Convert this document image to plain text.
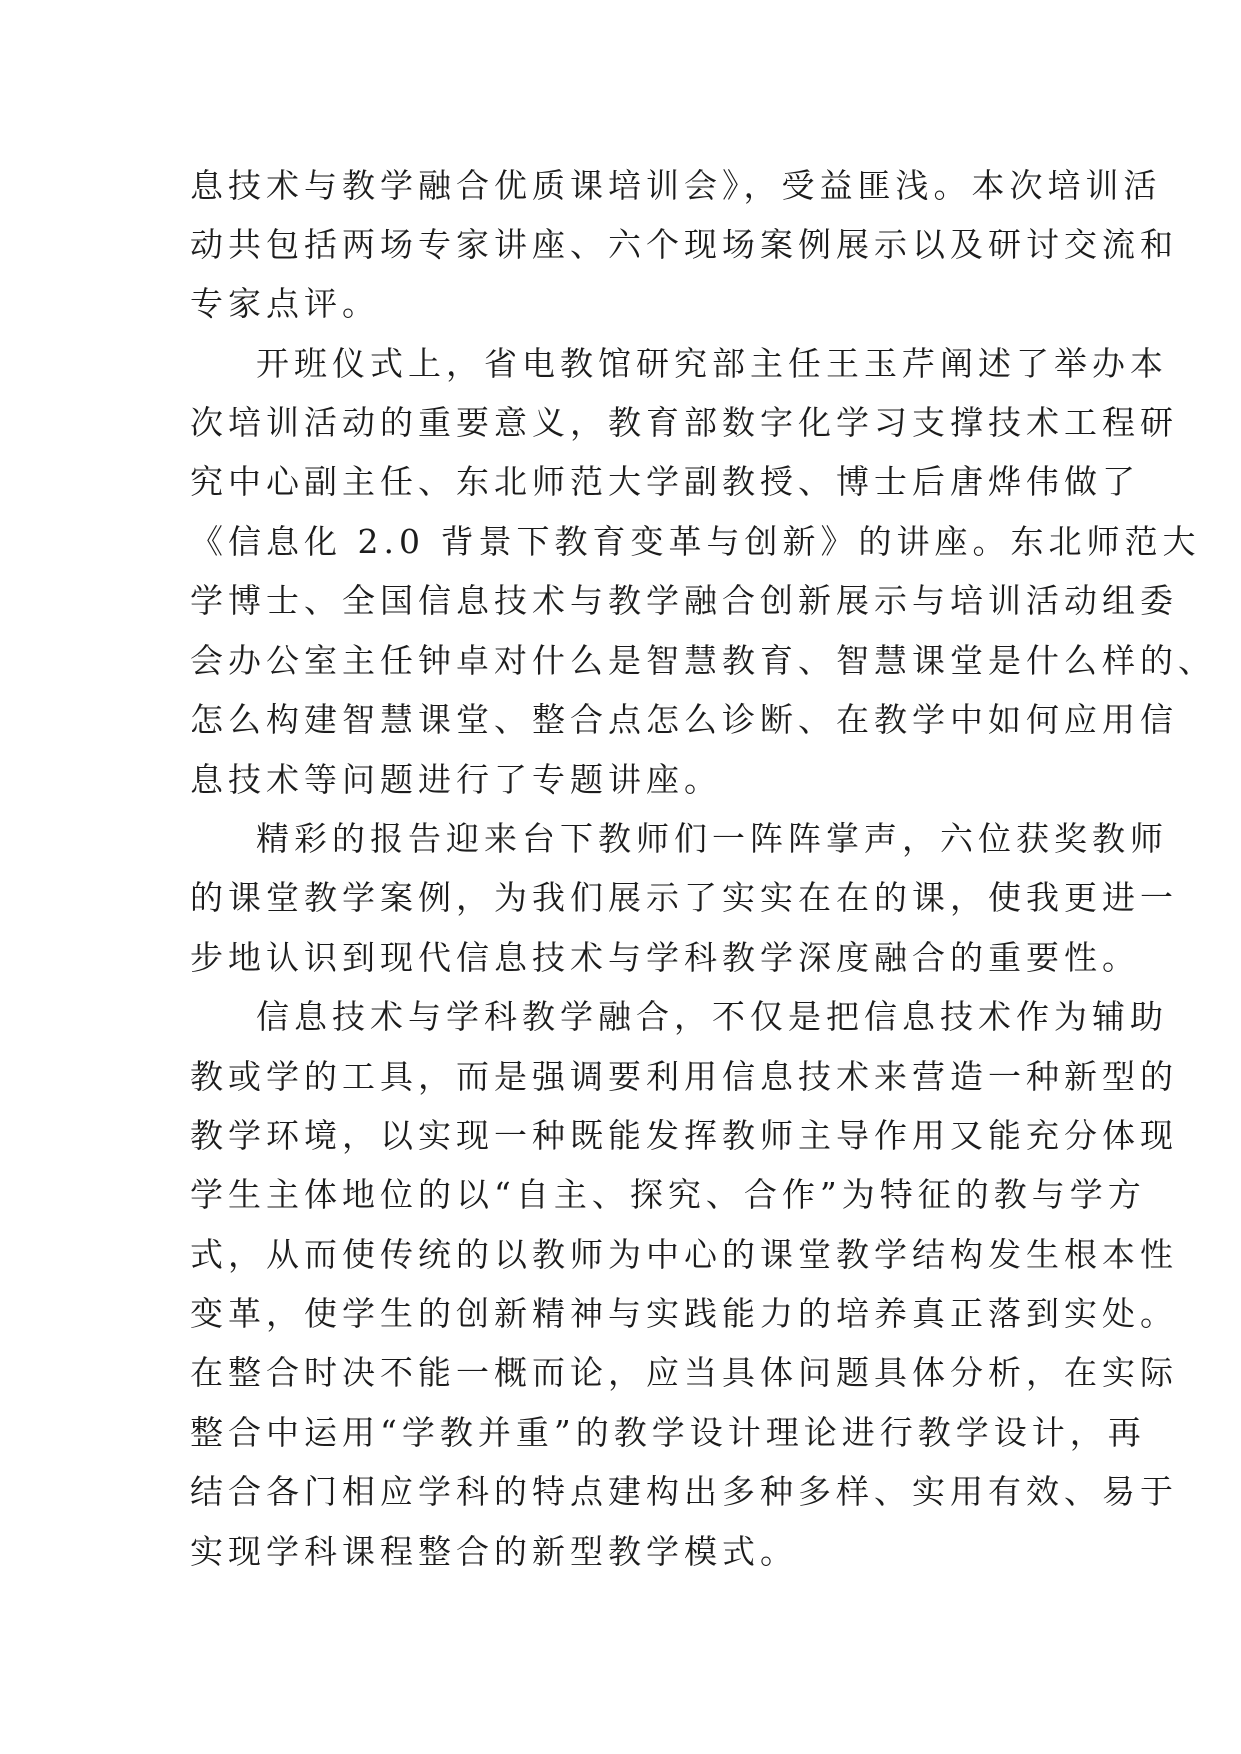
息技术与教学融合优质课培训会》，受益匪浅。本次培训活
动共包括两场专家讲座、六个现场案例展示以及研讨交流和
专家点评。
开班仪式上，省电教馆研究部主任王玉芹阐述了举办本
次培训活动的重要意义，教育部数字化学习支撑技术工程研
究中心副主任、东北师范大学副教授、博士后唐烨伟做了
《信息化 2.0 背景下教育变革与创新》的讲座。东北师范大
学博士、全国信息技术与教学融合创新展示与培训活动组委
会办公室主任钟卓对什么是智慧教育、智慧课堂是什么样的、
怎么构建智慧课堂、整合点怎么诊断、在教学中如何应用信
息技术等问题进行了专题讲座。
精彩的报告迎来台下教师们一阵阵掌声，六位获奖教师
的课堂教学案例，为我们展示了实实在在的课，使我更进一
步地认识到现代信息技术与学科教学深度融合的重要性。
信息技术与学科教学融合，不仅是把信息技术作为辅助
教或学的工具，而是强调要利用信息技术来营造一种新型的
教学环境，以实现一种既能发挥教师主导作用又能充分体现
学生主体地位的以“自主、探究、合作”为特征的教与学方
式，从而使传统的以教师为中心的课堂教学结构发生根本性
变革，使学生的创新精神与实践能力的培养真正落到实处。
在整合时决不能一概而论，应当具体问题具体分析，在实际
整合中运用“学教并重”的教学设计理论进行教学设计，再
结合各门相应学科的特点建构出多种多样、实用有效、易于
实现学科课程整合的新型教学模式。
